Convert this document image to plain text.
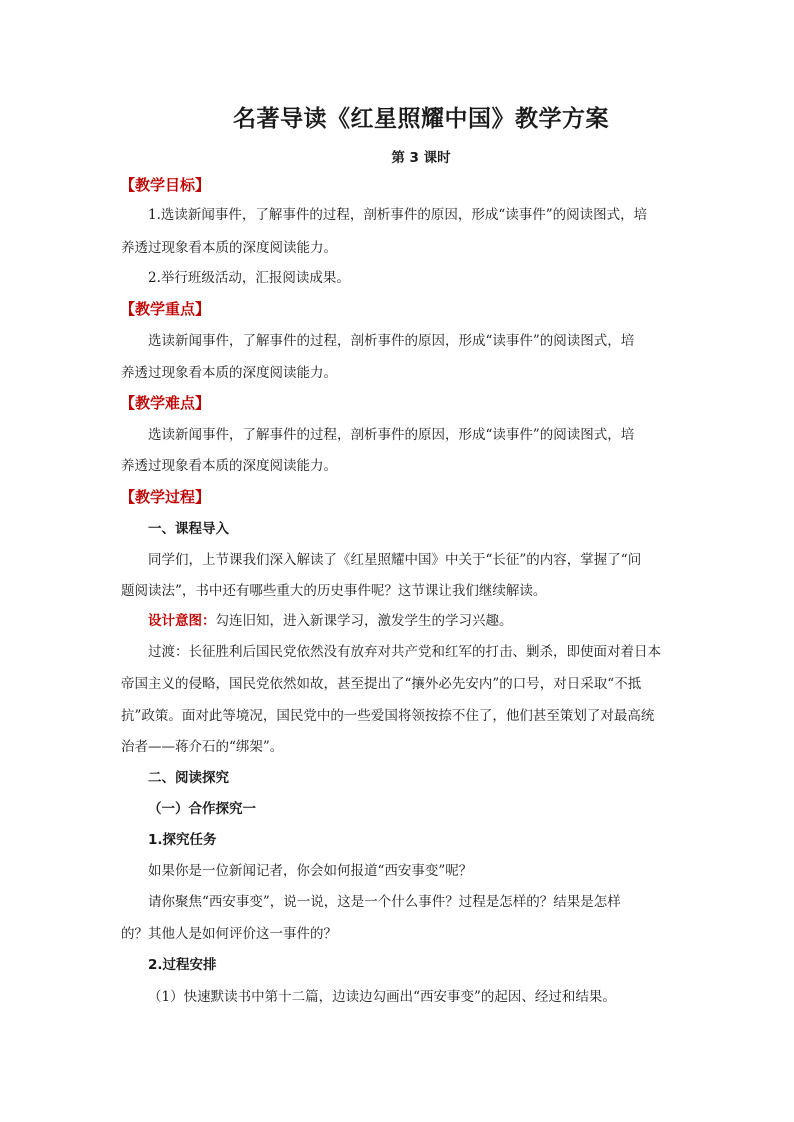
名著导读《红星照耀中国》教学方案
第 3 课时
【教学目标】
1.选读新闻事件，了解事件的过程，剖析事件的原因，形成“读事件”的阅读图式，培
养透过现象看本质的深度阅读能力。
2.举行班级活动，汇报阅读成果。
【教学重点】
选读新闻事件，了解事件的过程，剖析事件的原因，形成“读事件”的阅读图式，培
养透过现象看本质的深度阅读能力。
【教学难点】
选读新闻事件，了解事件的过程，剖析事件的原因，形成“读事件”的阅读图式，培
养透过现象看本质的深度阅读能力。
【教学过程】
一、课程导入
同学们，上节课我们深入解读了《红星照耀中国》中关于“长征”的内容，掌握了“问
题阅读法”，书中还有哪些重大的历史事件呢？这节课让我们继续解读。
设计意图：勾连旧知，进入新课学习，激发学生的学习兴趣。
过渡：长征胜利后国民党依然没有放弃对共产党和红军的打击、剿杀，即使面对着日本
帝国主义的侵略，国民党依然如故，甚至提出了“攘外必先安内”的口号，对日采取“不抵
抗”政策。面对此等境况，国民党中的一些爱国将领按捺不住了，他们甚至策划了对最高统
治者——蒋介石的“绑架”。
二、阅读探究
（一）合作探究一
1.探究任务
如果你是一位新闻记者，你会如何报道“西安事变”呢？
请你聚焦“西安事变”，说一说，这是一个什么事件？过程是怎样的？结果是怎样
的？其他人是如何评价这一事件的？
2.过程安排
（1）快速默读书中第十二篇，边读边勾画出“西安事变”的起因、经过和结果。
